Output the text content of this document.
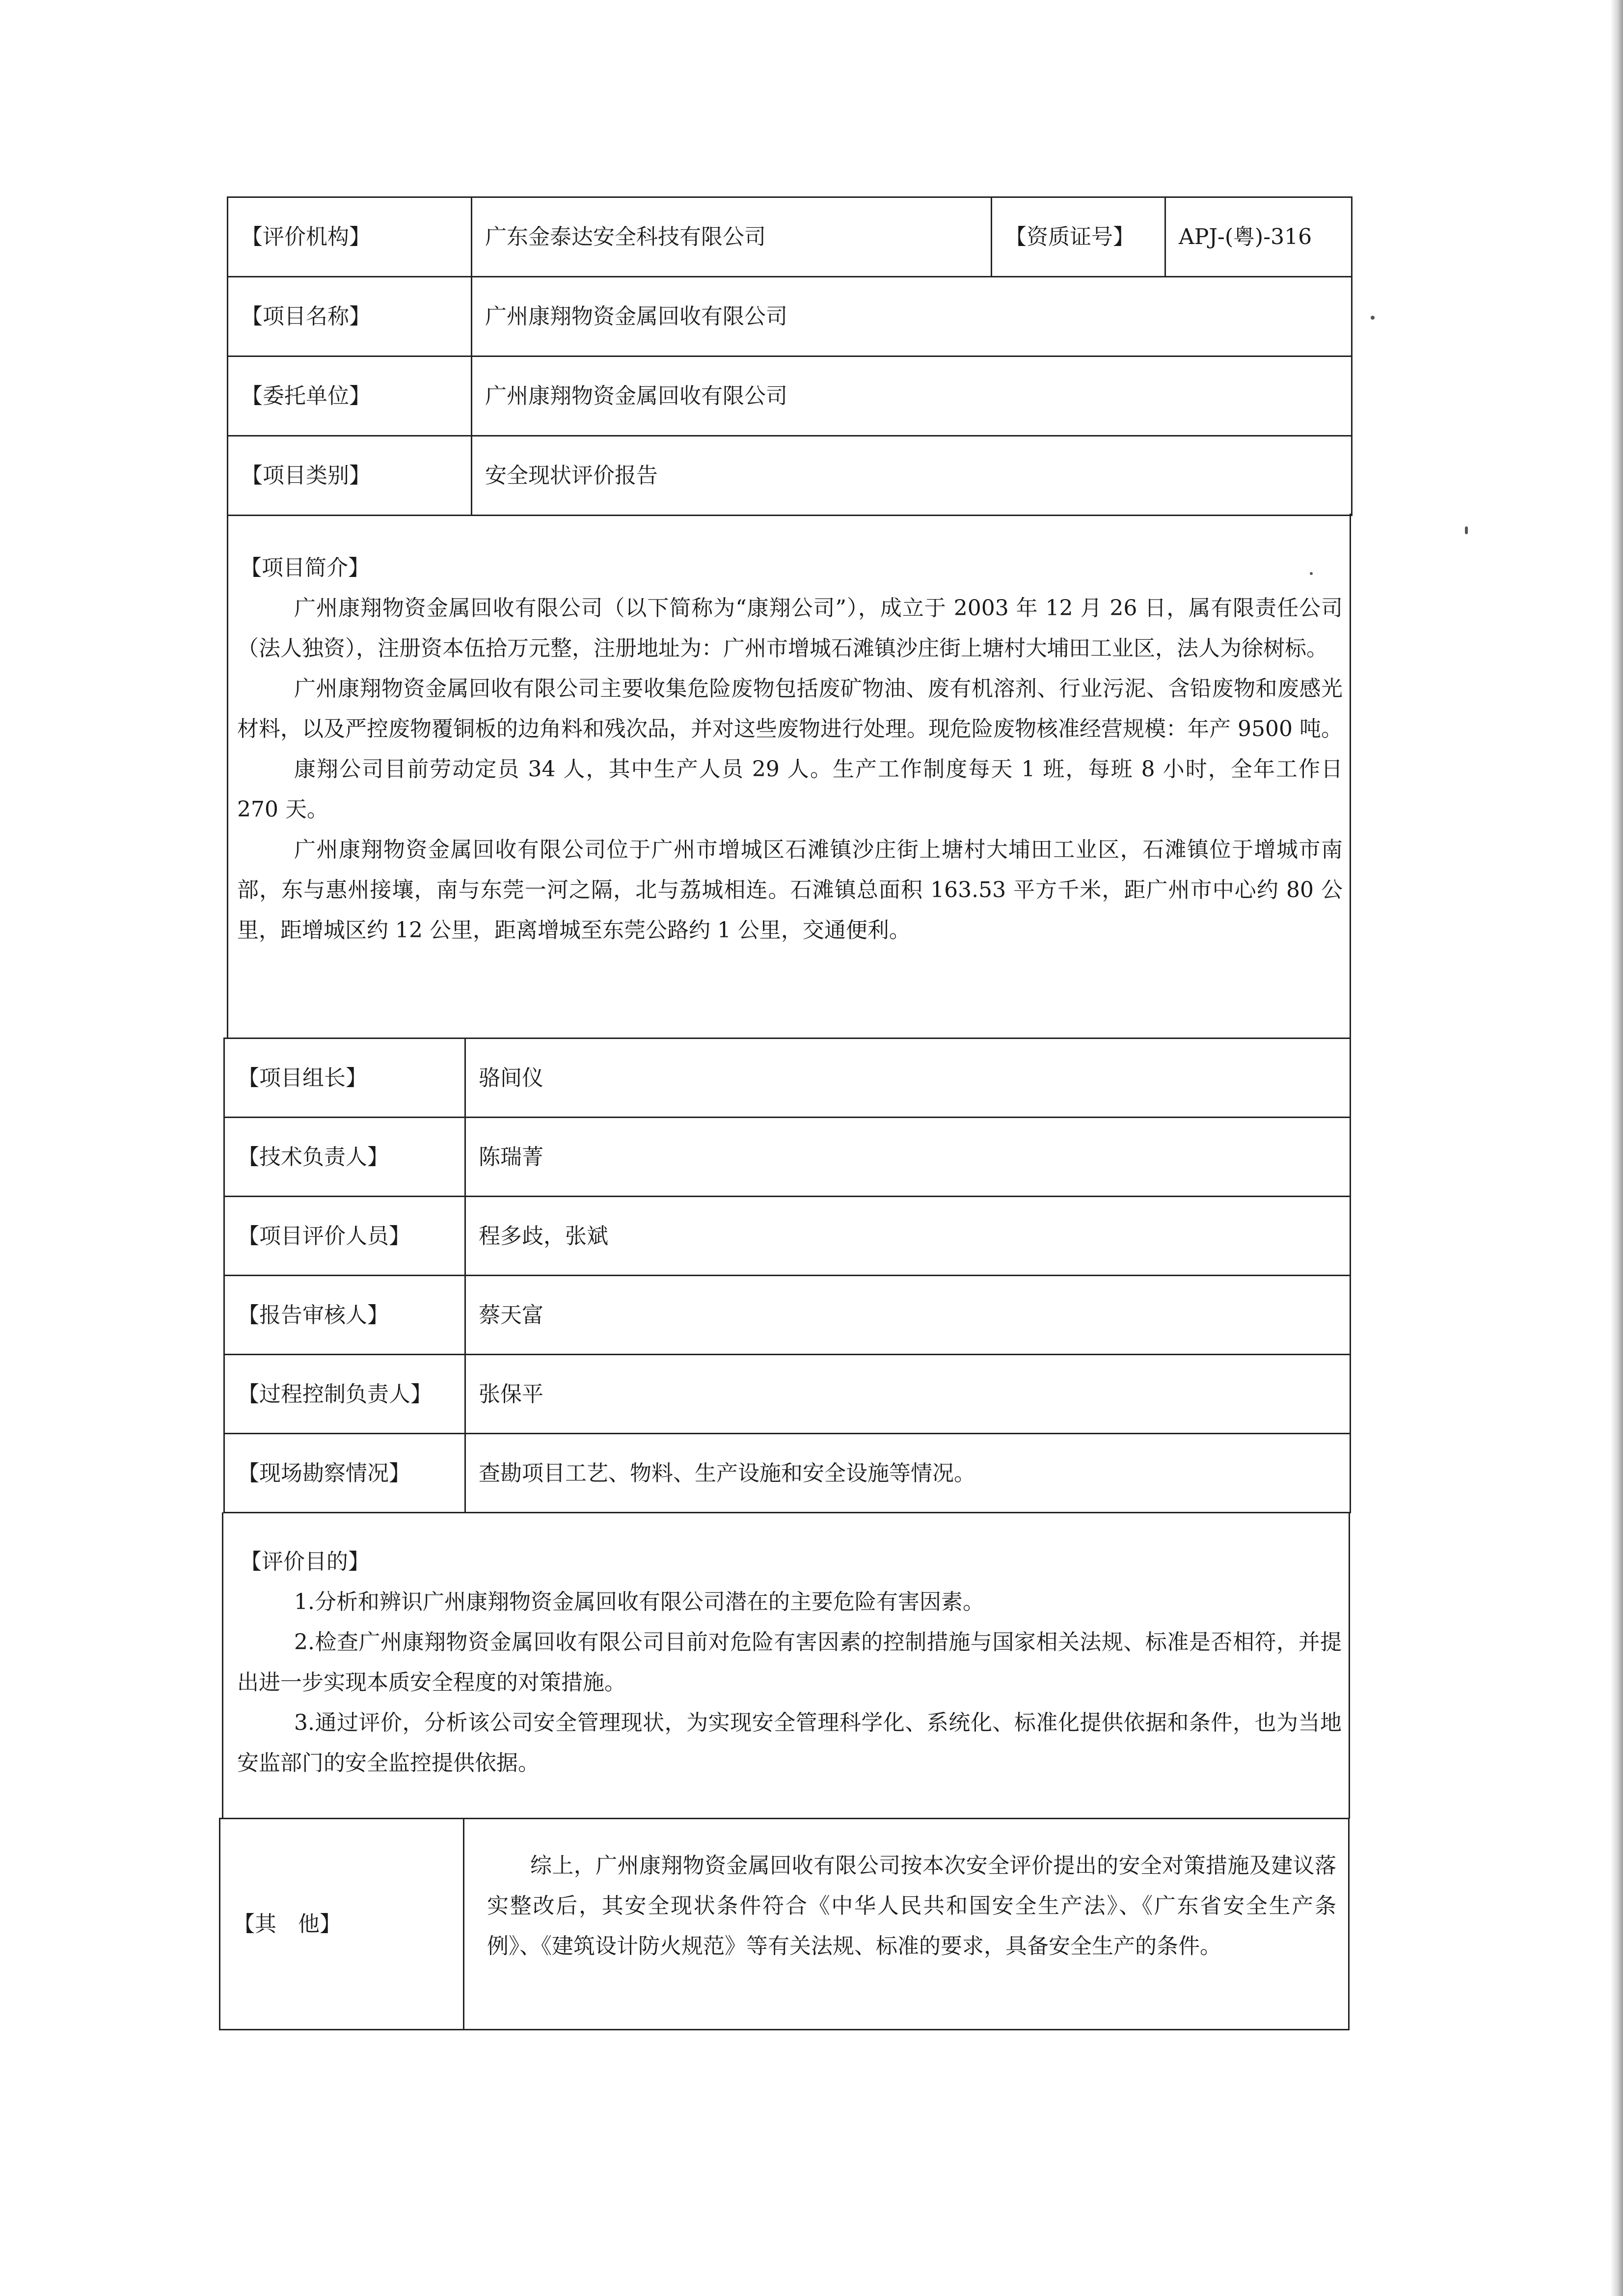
【评价机构】	广东金泰达安全科技有限公司	【资质证号】	APJ-(粤)-316
【项目名称】	广州康翔物资金属回收有限公司		
【委托单位】	广州康翔物资金属回收有限公司		
【项目类别】	安全现状评价报告		

【项目简介】

广州康翔物资金属回收有限公司（以下简称为“康翔公司”），成立于 2003 年 12 月 26 日，属有限责任公司（法人独资），注册资本伍拾万元整，注册地址为：广州市增城石滩镇沙庄街上塘村大埔田工业区，法人为徐树标。

广州康翔物资金属回收有限公司主要收集危险废物包括废矿物油、废有机溶剂、行业污泥、含铅废物和废感光材料，以及严控废物覆铜板的边角料和残次品，并对这些废物进行处理。现危险废物核准经营规模：年产 9500 吨。

康翔公司目前劳动定员 34 人，其中生产人员 29 人。生产工作制度每天 1 班，每班 8 小时，全年工作日 270 天。

广州康翔物资金属回收有限公司位于广州市增城区石滩镇沙庄街上塘村大埔田工业区，石滩镇位于增城市南部，东与惠州接壤，南与东莞一河之隔，北与荔城相连。石滩镇总面积 163.53 平方千米，距广州市中心约 80 公里，距增城区约 12 公里，距离增城至东莞公路约 1 公里，交通便利。

【项目组长】	骆间仪
【技术负责人】	陈瑞菁
【项目评价人员】	程多歧，张斌
【报告审核人】	蔡天富
【过程控制负责人】	张保平
【现场勘察情况】	查勘项目工艺、物料、生产设施和安全设施等情况。

【评价目的】

1.分析和辨识广州康翔物资金属回收有限公司潜在的主要危险有害因素。

2.检查广州康翔物资金属回收有限公司目前对危险有害因素的控制措施与国家相关法规、标准是否相符，并提出进一步实现本质安全程度的对策措施。

3.通过评价，分析该公司安全管理现状，为实现安全管理科学化、系统化、标准化提供依据和条件，也为当地安监部门的安全监控提供依据。

【其　他】	

综上，广州康翔物资金属回收有限公司按本次安全评价提出的安全对策措施及建议落实整改后，其安全现状条件符合《中华人民共和国安全生产法》、《广东省安全生产条例》、《建筑设计防火规范》等有关法规、标准的要求，具备安全生产的条件。
